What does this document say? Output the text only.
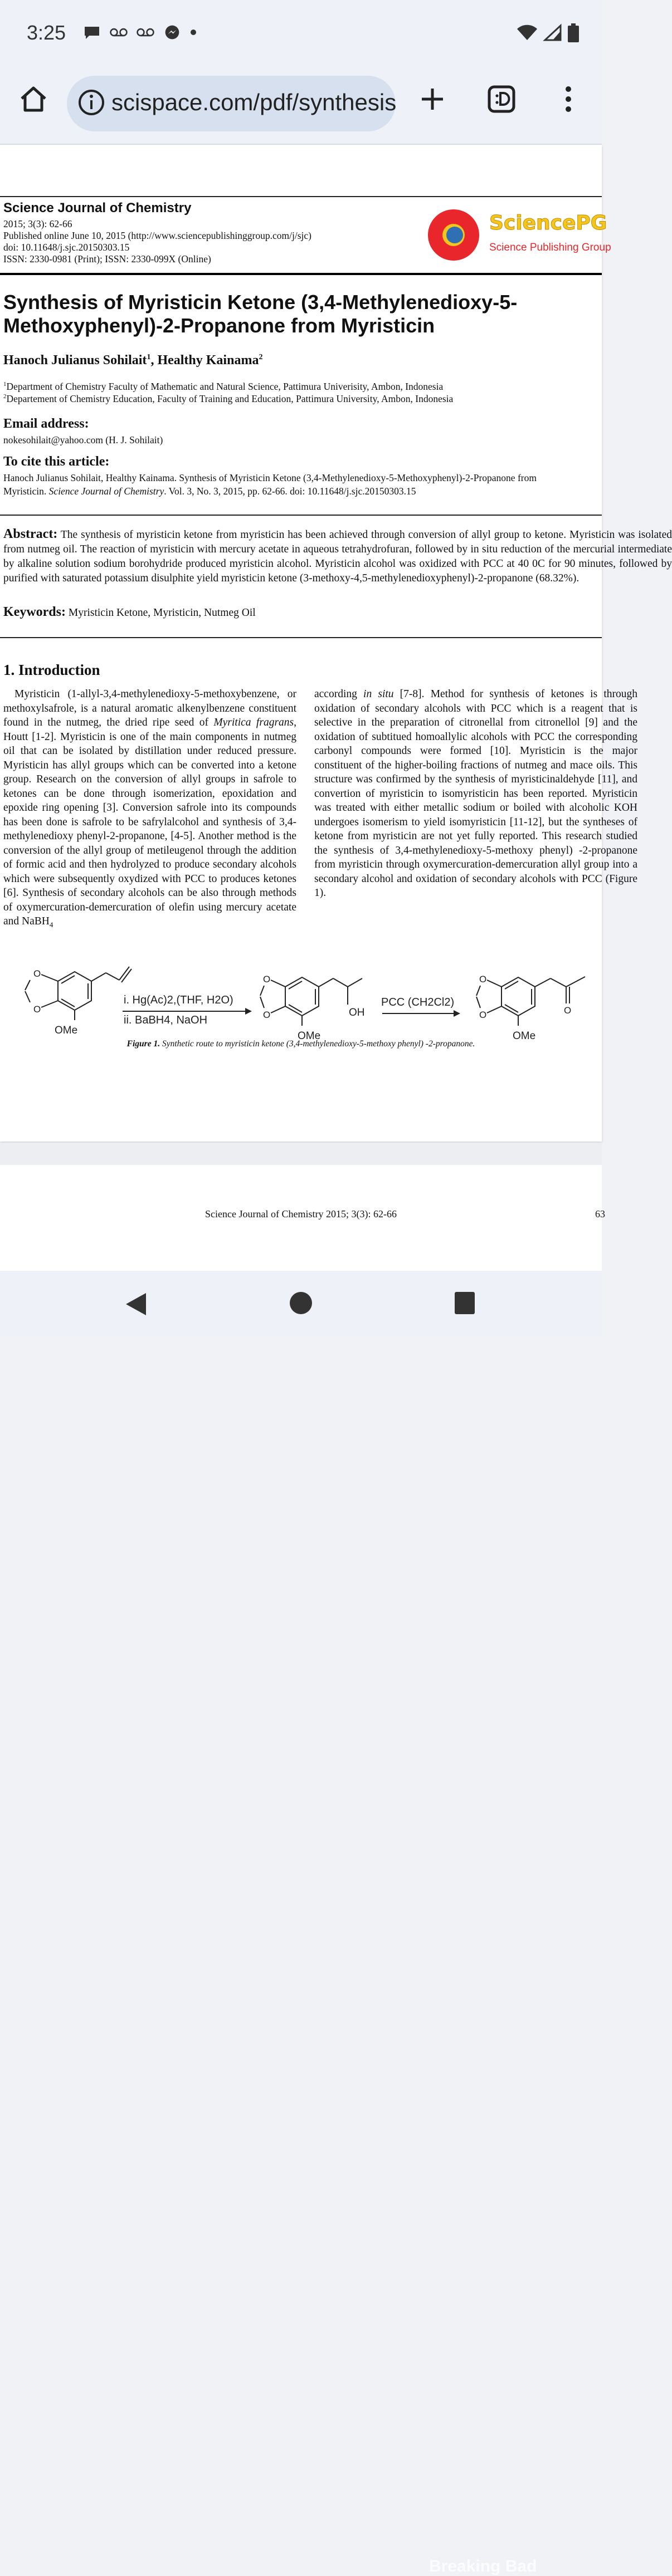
3:25
scispace.com/pdf/synthesis
Science Journal of Chemistry
2015; 3(3): 62-66
Published online June 10, 2015 (http://www.sciencepublishinggroup.com/j/sjc)
doi: 10.11648/j.sjc.20150303.15
ISSN: 2330-0981 (Print); ISSN: 2330-099X (Online)
SciencePG
Science Publishing Group
Synthesis of Myristicin Ketone (3,4-Methylenedioxy-5-Methoxyphenyl)-2-Propanone from Myristicin
Hanoch Julianus Sohilait$^1$, Healthy Kainama$^2$
$^1$Department of Chemistry Faculty of Mathematic and Natural Science, Pattimura Univerisity, Ambon, Indonesia
$^2$Departement of Chemistry Education, Faculty of Training and Education, Pattimura University, Ambon, Indonesia
Email address:
nokesohilait@yahoo.com (H. J. Sohilait)
To cite this article:
Hanoch Julianus Sohilait, Healthy Kainama. Synthesis of Myristicin Ketone (3,4-Methylenedioxy-5-Methoxyphenyl)-2-Propanone from
Myristicin. Science Journal of Chemistry. Vol. 3, No. 3, 2015, pp. 62-66. doi: 10.11648/j.sjc.20150303.15
Abstract: The synthesis of myristicin ketone from myristicin has been achieved through conversion of allyl group to ketone. Myristicin was isolated from nutmeg oil. The reaction of myristicin with mercury acetate in aqueous tetrahydrofuran, followed by in situ reduction of the mercurial intermediate by alkaline solution sodium borohydride produced myristicin alcohol. Myristicin alcohol was oxidized with PCC at 40 0C for 90 minutes, followed by purified with saturated potassium disulphite yield myristicin ketone (3-methoxy-4,5-methylenedioxyphenyl)-2-propanone (68.32%).
Keywords: Myristicin Ketone, Myristicin, Nutmeg Oil
1. Introduction
Myristicin (1-allyl-3,4-methylenedioxy-5-methoxybenzene, or methoxylsafrole, is a natural aromatic alkenylbenzene constituent found in the nutmeg, the dried ripe seed of Myritica fragrans, Houtt [1-2]. Myristicin is one of the main components in nutmeg oil that can be isolated by distillation under reduced pressure. Myristicin has allyl groups which can be converted into a ketone group. Research on the conversion of allyl groups in safrole to ketones can be done through isomerization, epoxidation and epoxide ring opening [3]. Conversion safrole into its compounds has been done is safrole to be safrylalcohol and synthesis of 3,4-methylenedioxy phenyl-2-propanone, [4-5]. Another method is the conversion of the allyl group of metileugenol through the addition of formic acid and then hydrolyzed to produce secondary alcohols which were subsequently oxydized with PCC to produces ketones [6]. Synthesis of secondary alcohols can be also through methods of oxymercuration-demercuration of olefin using mercury acetate and NaBH$_4$
according in situ [7-8]. Method for synthesis of ketones is through oxidation of secondary alcohols with PCC which is a reagent that is selective in the preparation of citronellal from citronellol [9] and the oxidation of subtitued homoallylic alcohols with PCC the corresponding carbonyl compounds were formed [10]. Myristicin is the major constituent of the higher-boiling fractions of nutmeg and mace oils. This structure was confirmed by the synthesis of myristicinaldehyde [11], and convertion of myristicin to isomyristicin has been reported. Myristicin was treated with either metallic sodium or boiled with alcoholic KOH undergoes isomerism to yield isomyristicin [11-12], but the syntheses of ketone from myristicin are not yet fully reported. This research studied the synthesis of 3,4-methylenedioxy-5-methoxy phenyl) -2-propanone from myristicin through oxymercuration-demercuration allyl group into a secondary alcohol and oxidation of secondary alcohols with PCC (Figure 1).
O
O
OMe
i. Hg(Ac)2,(THF, H2O)
ii. BaBH4, NaOH
O
O	OH
OMe
PCC (CH2Cl2)
O
O	O
OMe
Figure 1. Synthetic route to myristicin ketone (3,4-methylenedioxy-5-methoxy phenyl) -2-propanone.
Science Journal of Chemistry 2015; 3(3): 62-66	63
Breaking Bad
